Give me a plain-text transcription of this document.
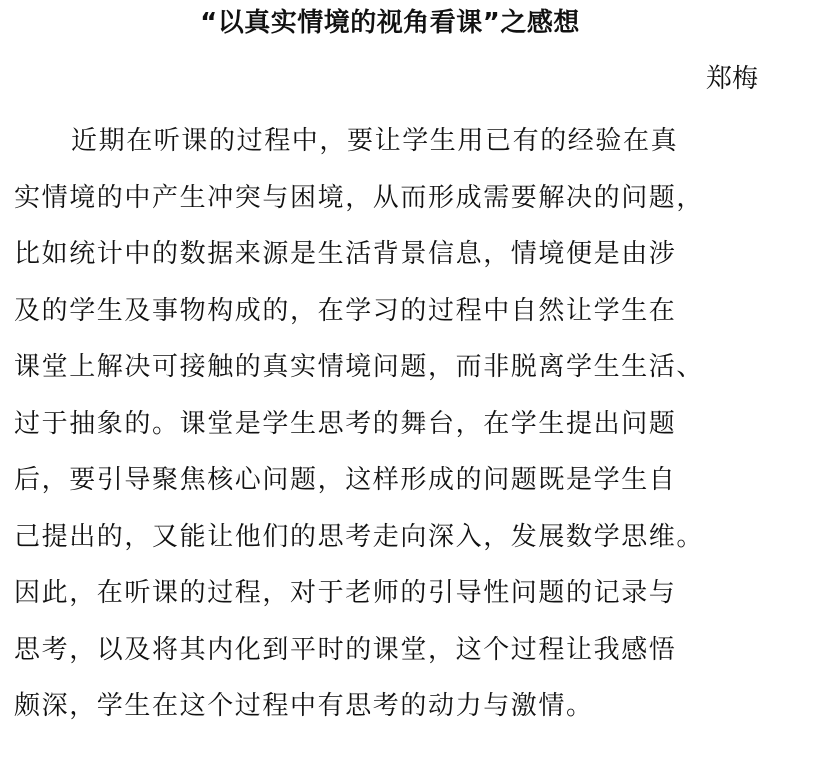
“以真实情境的视角看课”之感想
郑梅
近期在听课的过程中，要让学生用已有的经验在真
实情境的中产生冲突与困境，从而形成需要解决的问题，
比如统计中的数据来源是生活背景信息，情境便是由涉
及的学生及事物构成的，在学习的过程中自然让学生在
课堂上解决可接触的真实情境问题，而非脱离学生生活、
过于抽象的。课堂是学生思考的舞台，在学生提出问题
后，要引导聚焦核心问题，这样形成的问题既是学生自
己提出的，又能让他们的思考走向深入，发展数学思维。
因此，在听课的过程，对于老师的引导性问题的记录与
思考，以及将其内化到平时的课堂，这个过程让我感悟
颇深，学生在这个过程中有思考的动力与激情。
